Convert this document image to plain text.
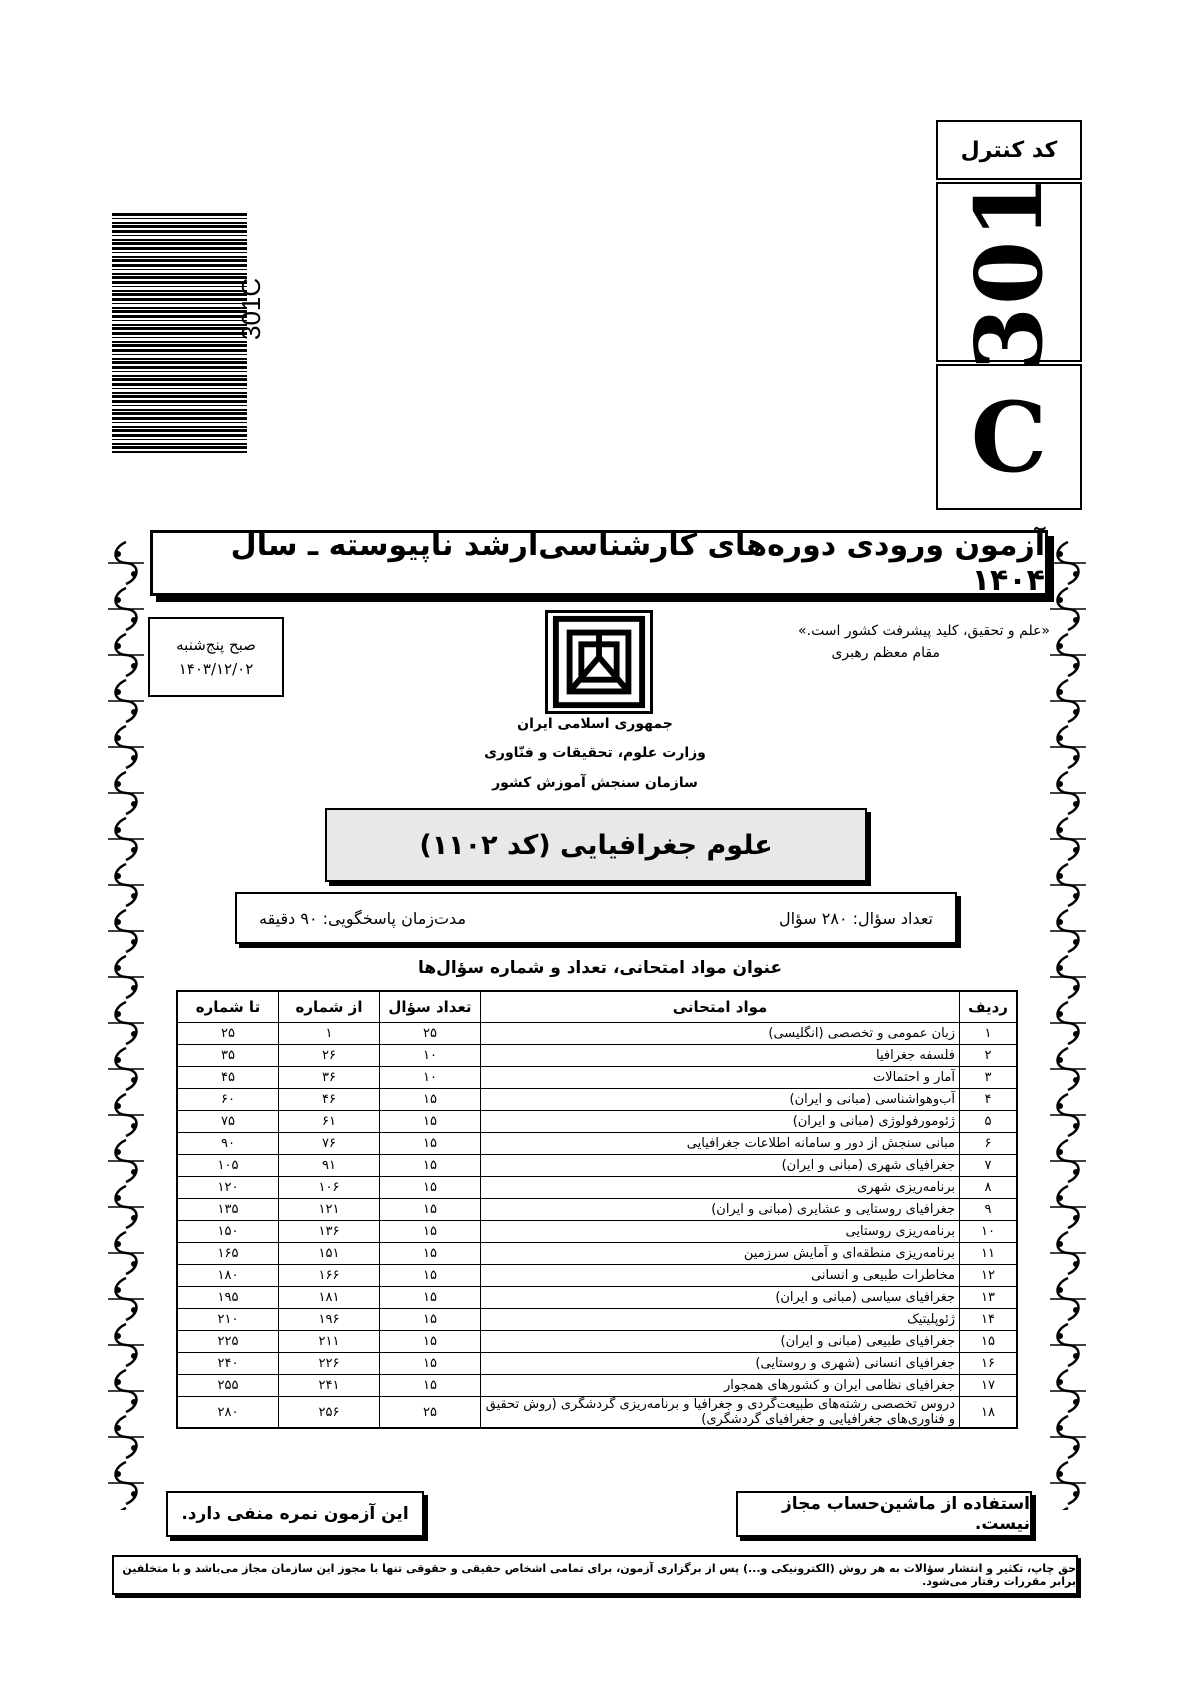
کد کنترل
301
C
301C
آزمون ورودی دوره‌های کارشناسی‌ارشد ناپیوسته ـ سال ۱۴۰۴
صبح پنج‌شنبه
۱۴۰۳/۱۲/۰۲
«علم و تحقیق، کلید پیشرفت کشور است.»
مقام معظم رهبری
جمهوری اسلامی ایران
وزارت علوم، تحقیقات و فنّاوری
سازمان سنجش آموزش کشور
علوم جغرافیایی (کد ۱۱۰۲)
تعداد سؤال: ۲۸۰ سؤال
مدت‌زمان پاسخگویی: ۹۰ دقیقه
عنوان مواد امتحانی، تعداد و شماره سؤال‌ها
ردیف	مواد امتحانی	تعداد سؤال	از شماره	تا شماره
۱	زبان عمومی و تخصصی (انگلیسی)	۲۵	۱	۲۵
۲	فلسفه جغرافیا	۱۰	۲۶	۳۵
۳	آمار و احتمالات	۱۰	۳۶	۴۵
۴	آب‌وهواشناسی (مبانی و ایران)	۱۵	۴۶	۶۰
۵	ژئومورفولوژی (مبانی و ایران)	۱۵	۶۱	۷۵
۶	مبانی سنجش از دور و سامانه اطلاعات جغرافیایی	۱۵	۷۶	۹۰
۷	جغرافیای شهری (مبانی و ایران)	۱۵	۹۱	۱۰۵
۸	برنامه‌ریزی شهری	۱۵	۱۰۶	۱۲۰
۹	جغرافیای روستایی و عشایری (مبانی و ایران)	۱۵	۱۲۱	۱۳۵
۱۰	برنامه‌ریزی روستایی	۱۵	۱۳۶	۱۵۰
۱۱	برنامه‌ریزی منطقه‌ای و آمایش سرزمین	۱۵	۱۵۱	۱۶۵
۱۲	مخاطرات طبیعی و انسانی	۱۵	۱۶۶	۱۸۰
۱۳	جغرافیای سیاسی (مبانی و ایران)	۱۵	۱۸۱	۱۹۵
۱۴	ژئوپلیتیک	۱۵	۱۹۶	۲۱۰
۱۵	جغرافیای طبیعی (مبانی و ایران)	۱۵	۲۱۱	۲۲۵
۱۶	جغرافیای انسانی (شهری و روستایی)	۱۵	۲۲۶	۲۴۰
۱۷	جغرافیای نظامی ایران و کشورهای همجوار	۱۵	۲۴۱	۲۵۵
۱۸	دروس تخصصی رشته‌های طبیعت‌گردی و جغرافیا و برنامه‌ریزی گردشگری (روش تحقیق و فناوری‌های جغرافیایی و جغرافیای گردشگری)	۲۵	۲۵۶	۲۸۰
این آزمون نمره منفی دارد.	استفاده از ماشین‌حساب مجاز نیست.
حق چاپ، تکثیر و انتشار سؤالات به هر روش (الکترونیکی و...) پس از برگزاری آزمون، برای تمامی اشخاص حقیقی و حقوقی تنها با مجوز این سازمان مجاز می‌باشد و با متخلفین برابر مقررات رفتار می‌شود.
